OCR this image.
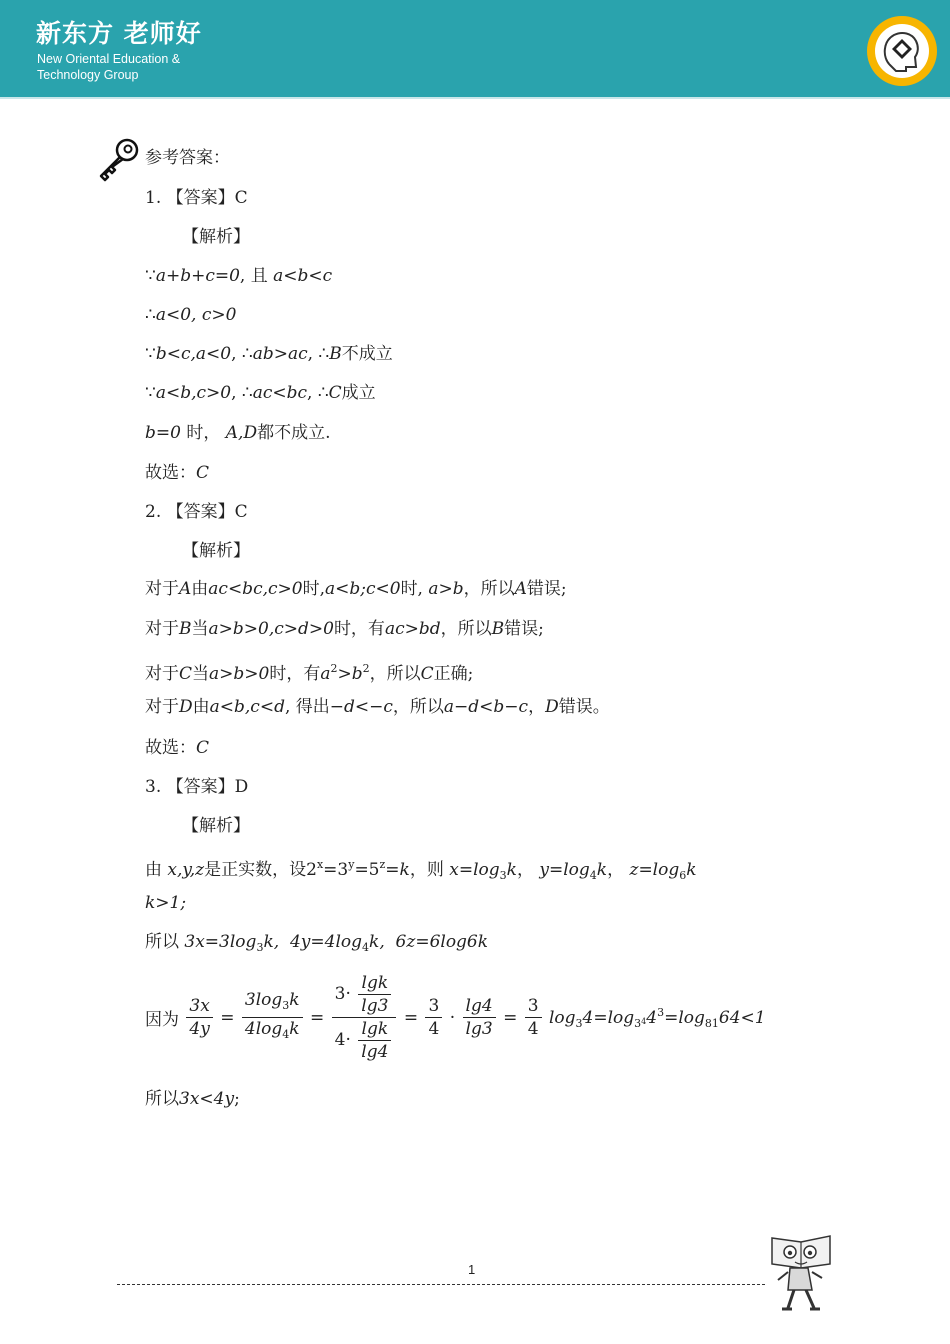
新东方 老师好
New Oriental Education &
Technology Group
参考答案：
1. 【答案】C
【解析】
∵a+b+c=0, 且 a<b<c
∴a<0, c>0
∵b<c,a<0, ∴ab>ac, ∴B不成立
∵a<b,c>0, ∴ac<bc, ∴C成立
b=0 时， A,D都不成立.
故选：C
2. 【答案】C
【解析】
对于A由ac<bc,c>0时,a<b;c<0时, a>b，所以A错误;
对于B当a>b>0,c>d>0时，有ac>bd，所以B错误;
对于C当a>b>0时，有$a^2>b^2$，所以C正确;
对于D由a<b,c<d, 得出−d<−c，所以a−d<b−c，D错误。
故选：C
3. 【答案】D
【解析】
由 x,y,z是正实数，设$2^x=3^y=5^z=k$，则 $x=\log_3k$， $y=\log_4k$， $z=\log_6k$
k>1;
所以 $3x=3\log_3k$, $4y=4\log_4k$, 6z=6log6k
因为 $\frac{3x}{4y} = \frac{3\log_3k}{4\log_4k} = \frac{3\cdot \frac{\lg k}{\lg 3}}{4\cdot \frac{\lg k}{\lg 4}} = \frac{3}{4} \cdot \frac{\lg 4}{\lg 3} = \frac{3}{4} \log_34=\log_344^3=\log_{81}64<1$
所以3x<4y;
1
